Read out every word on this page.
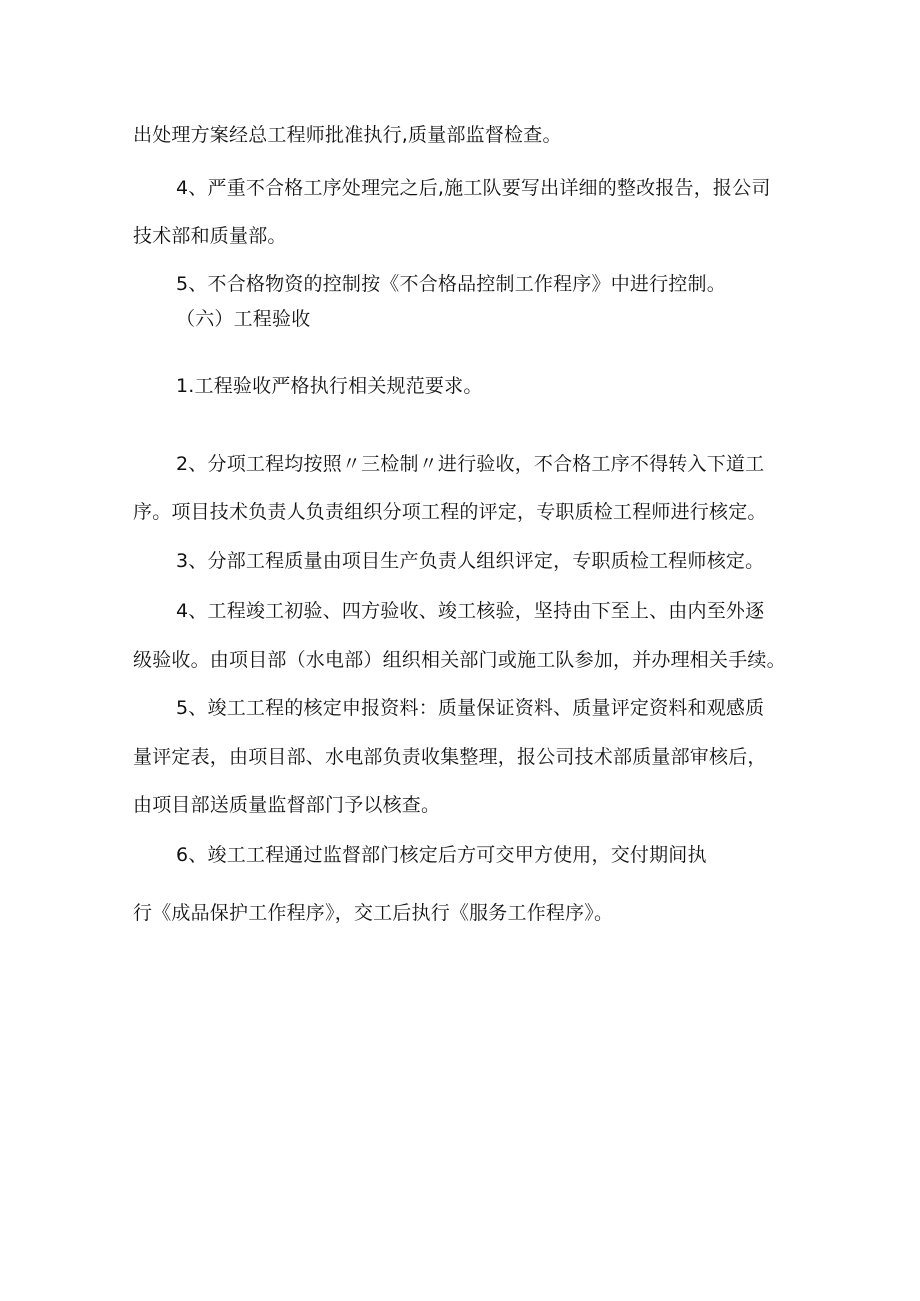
出处理方案经总工程师批准执行,质量部监督检查。
4、严重不合格工序处理完之后,施工队要写出详细的整改报告，报公司
技术部和质量部。
5、不合格物资的控制按《不合格品控制工作程序》中进行控制。
（六）工程验收
1.工程验收严格执行相关规范要求。
2、分项工程均按照〃三检制〃进行验收，不合格工序不得转入下道工
序。项目技术负责人负责组织分项工程的评定，专职质检工程师进行核定。
3、分部工程质量由项目生产负责人组织评定，专职质检工程师核定。
4、工程竣工初验、四方验收、竣工核验，坚持由下至上、由内至外逐
级验收。由项目部（水电部）组织相关部门或施工队参加，并办理相关手续。
5、竣工工程的核定申报资料：质量保证资料、质量评定资料和观感质
量评定表，由项目部、水电部负责收集整理，报公司技术部质量部审核后，
由项目部送质量监督部门予以核查。
6、竣工工程通过监督部门核定后方可交甲方使用，交付期间执
行《成品保护工作程序》，交工后执行《服务工作程序》。
